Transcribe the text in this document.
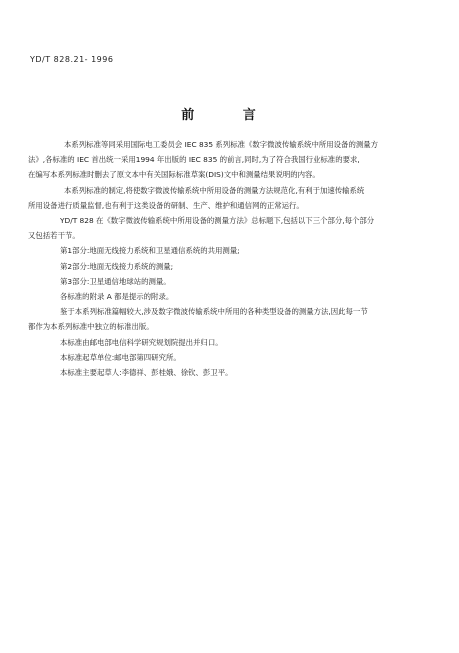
YD/T 828.21- 1996
前 言

本系列标准等同采用国际电工委员会 IEC 835 系列标准《数字微波传输系统中所用设备的测量方

法》,各标准的 IEC 首出统一采用1994 年出版的 IEC 835 的前言,同时,为了符合我国行业标准的要求,

在编写本系列标准时删去了原文本中有关国际标准草案(DIS)文中和测量结果说明的内容。

本系列标准的制定,将使数字微波传输系统中所用设备的测量方法规范化,有利于加速传输系统

所用设备进行质量监督,也有利于这类设备的研制、生产、维护和通信网的正常运行。

YD/T 828 在《数字微波传输系统中所用设备的测量方法》总标题下,包括以下三个部分,每个部分

又包括若干节。

第1部分:地面无线接力系统和卫星通信系统的共用测量;

第2部分:地面无线接力系统的测量;

第3部分:卫星通信地球站的测量。

各标准的附录 A 都是提示的附录。

鉴于本系列标准篇幅较大,涉及数字微波传输系统中所用的各种类型设备的测量方法,因此每一节

都作为本系列标准中独立的标准出版。

本标准由邮电部电信科学研究规划院提出并归口。

本标准起草单位:邮电部第四研究所。

本标准主要起草人:李德祥、彭桂娥、徐钦、彭卫平。
